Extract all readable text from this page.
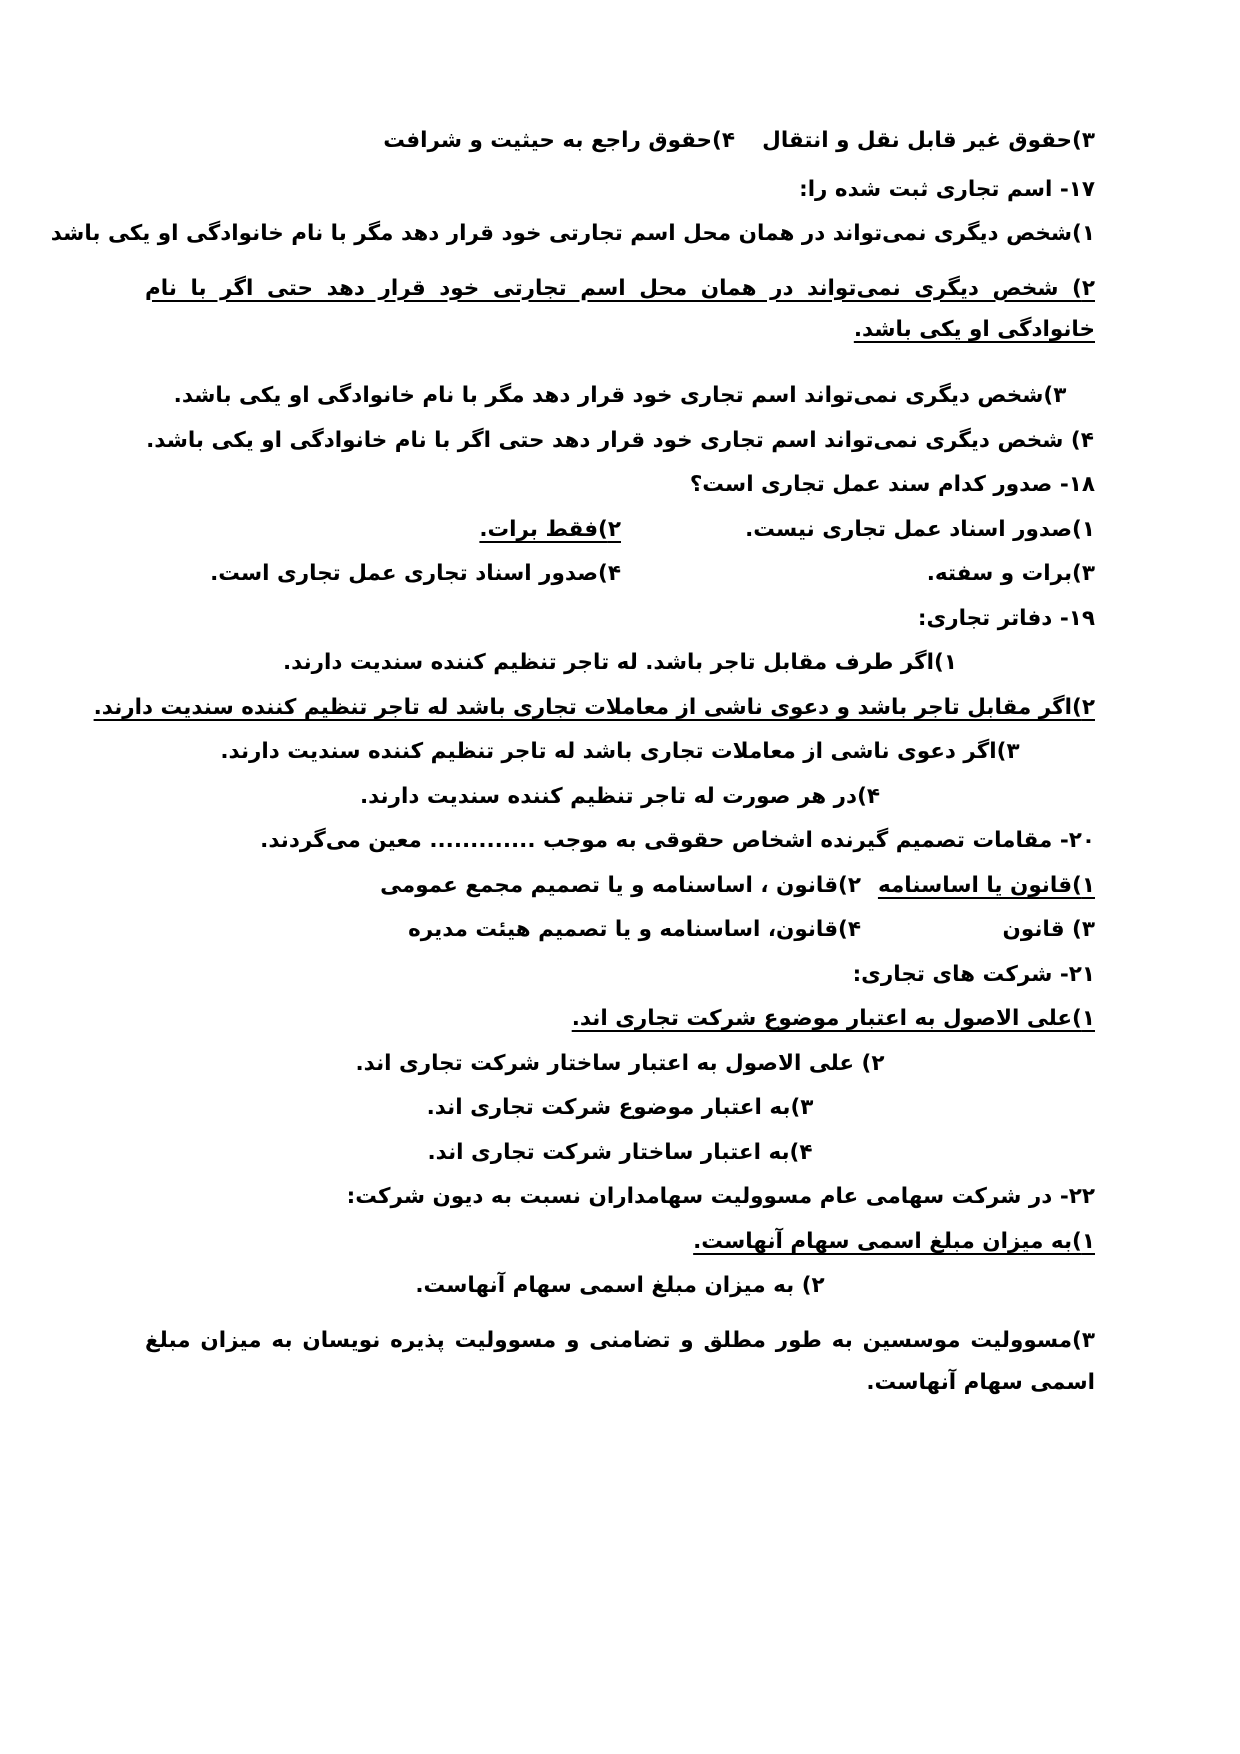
۳)حقوق غیر قابل نقل و انتقال
۴)حقوق راجع به حیثیت و شرافت
۱۷- اسم تجاری ثبت شده را:
۱)شخص دیگری نمی‌تواند در همان محل اسم تجارتی خود قرار دهد مگر با نام خانوادگی او یکی باشد
۲) شخص دیگری نمی‌تواند در همان محل اسم تجارتی خود قرار دهد حتی اگر با نام خانوادگی او یکی باشد.
۳)شخص دیگری نمی‌تواند اسم تجاری خود قرار دهد مگر با نام خانوادگی او یکی باشد.
۴) شخص دیگری نمی‌تواند اسم تجاری خود قرار دهد حتی اگر با نام خانوادگی او یکی باشد.
۱۸- صدور کدام سند عمل تجاری است؟
۱)صدور اسناد عمل تجاری نیست.
۲)فقط برات.
۳)برات و سفته.
۴)صدور اسناد تجاری عمل تجاری است.
۱۹- دفاتر تجاری:
۱)اگر طرف مقابل تاجر باشد. له تاجر تنظیم کننده سندیت دارند.
۲)اگر مقابل تاجر باشد و دعوی ناشی از معاملات تجاری باشد له تاجر تنظیم کننده سندیت دارند.
۳)اگر دعوی ناشی از معاملات تجاری باشد له تاجر تنظیم کننده سندیت دارند.
۴)در هر صورت له تاجر تنظیم کننده سندیت دارند.
۲۰- مقامات تصمیم گیرنده اشخاص حقوقی به موجب ............. معین می‌گردند.
۱)قانون یا اساسنامه
۲)قانون ، اساسنامه و یا تصمیم مجمع عمومی
۳) قانون
۴)قانون، اساسنامه و یا تصمیم هیئت مدیره
۲۱- شرکت های تجاری:
۱)علی الاصول به اعتبار موضوع شرکت تجاری اند.
۲) علی الاصول به اعتبار ساختار شرکت تجاری اند.
۳)به اعتبار موضوع شرکت تجاری اند.
۴)به اعتبار ساختار شرکت تجاری اند.
۲۲- در شرکت سهامی عام مسوولیت سهامداران نسبت به دیون شرکت:
۱)به میزان مبلغ اسمی سهام آنهاست.
۲) به میزان مبلغ اسمی سهام آنهاست.
۳)مسوولیت موسسین به طور مطلق و تضامنی و مسوولیت پذیره نویسان به میزان مبلغ اسمی سهام آنهاست.
